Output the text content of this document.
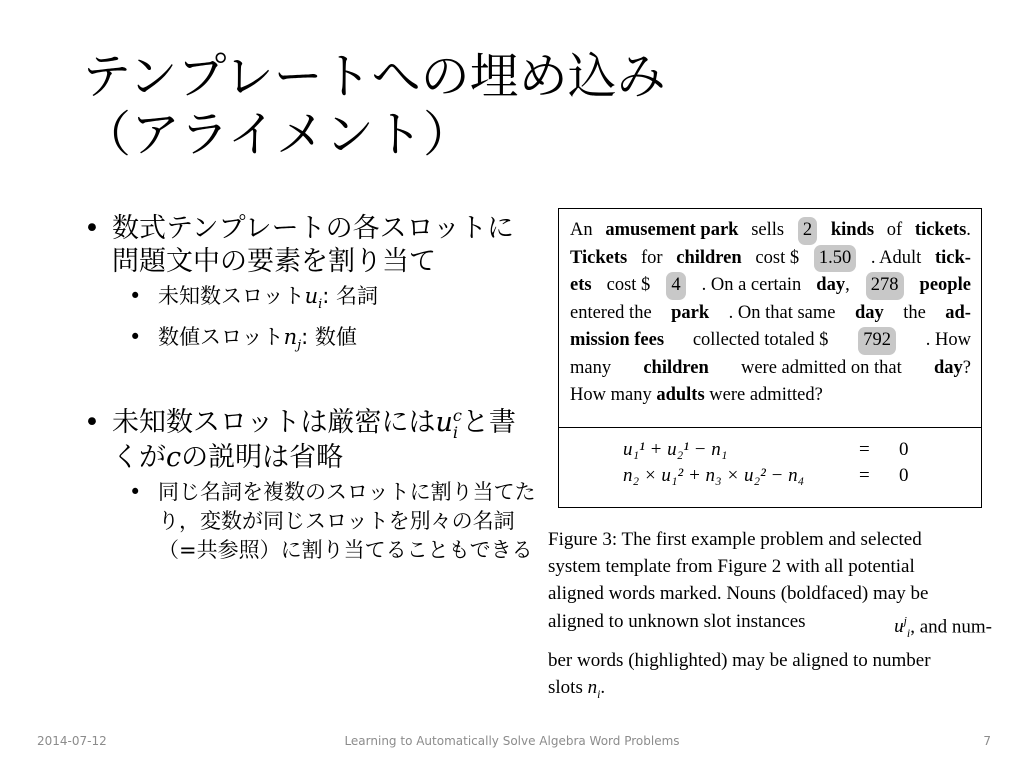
テンプレートへの埋め込み
（アライメント）

• 数式テンプレートの各スロットに問題文中の要素を割り当て

• 未知数スロット$u_i$: 名詞

• 数値スロット$n_j$: 数値

• 未知数スロットは厳密にはu c
i と書くがcの説明は省略

• 同じ名詞を複数のスロットに割り当てたり，変数が同じスロットを別々の名詞（=共参照）に割り当てることもできる

An amusement park sells 2 kinds of tickets.
Tickets for children cost $ 1.50 . Adult tick-
ets cost $ 4 . On a certain day, 278 people
entered the park . On that same day the ad-
mission fees collected totaled $ 792 . How
many children were admitted on that day?
How many
adults
were admitted?
u₁¹ + u₂¹ − n₁	=	0
n₂ × u₁² + n₃ × u₂² − n₄	=	0
Figure 3: The first example problem and selected
system template from Figure 2 with all potential
aligned words marked. Nouns (boldfaced) may be
aligned to unknown slot instances	$u^j_i$, and num-
ber words (highlighted) may be aligned to number
slots
$n_i$ .
2014-07-12	Learning to Automatically Solve Algebra Word Problems	7
